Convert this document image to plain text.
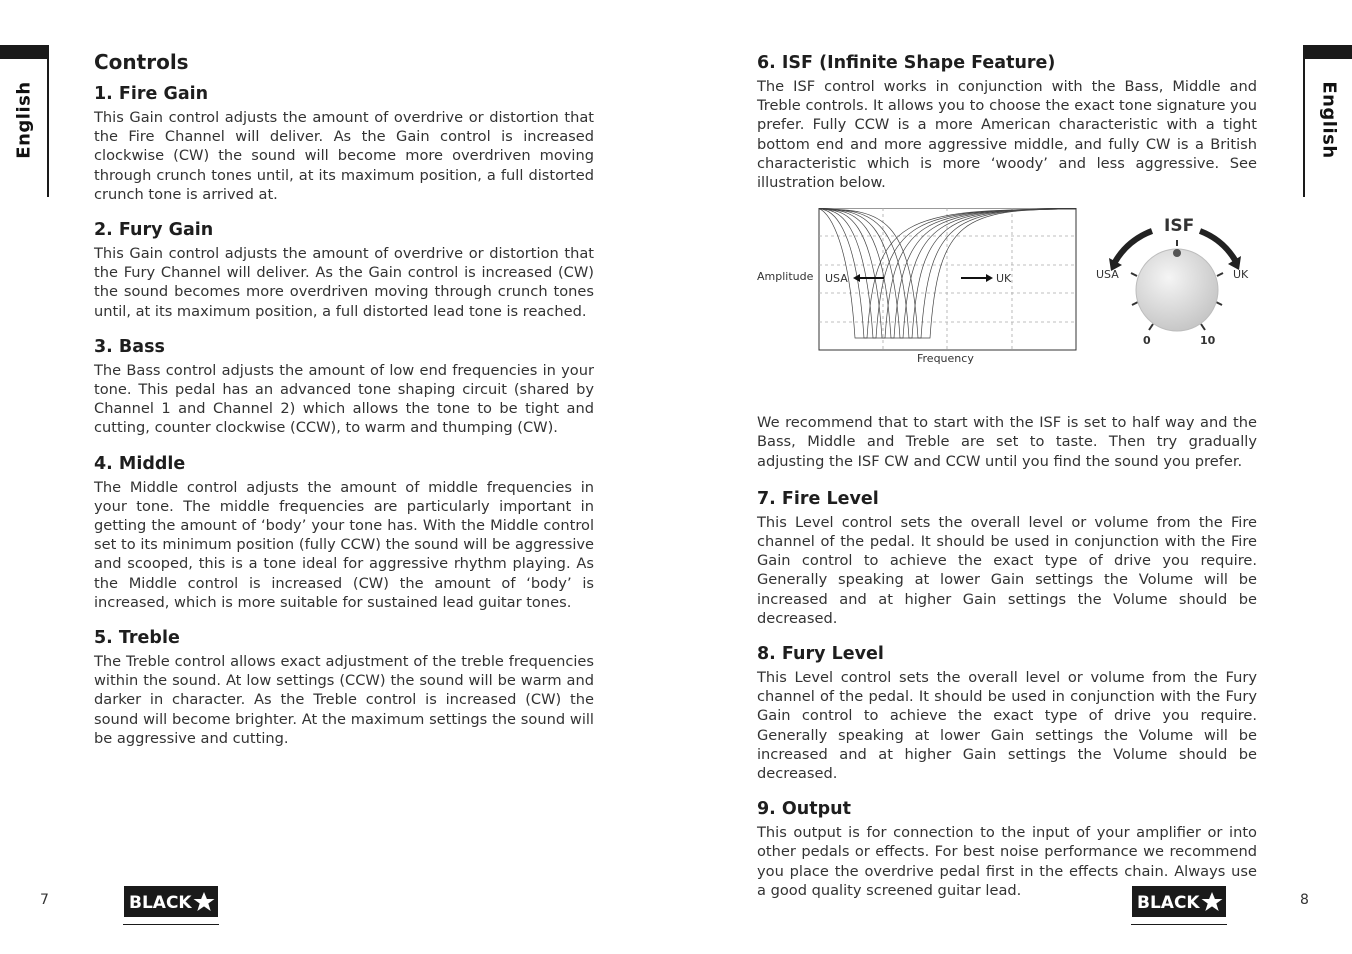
English
Controls
1. Fire Gain

This Gain control adjusts the amount of overdrive or distortion that the Fire Channel will deliver. As the Gain control is increased clockwise (CW) the sound will become more overdriven moving through crunch tones until, at its maximum position, a full distorted crunch tone is arrived at.

2. Fury Gain

This Gain control adjusts the amount of overdrive or distortion that the Fury Channel will deliver. As the Gain control is increased (CW) the sound becomes more overdriven moving through crunch tones until, at its maximum position, a full distorted lead tone is reached.

3. Bass

The Bass control adjusts the amount of low end frequencies in your tone. This pedal has an advanced tone shaping circuit (shared by Channel 1 and Channel 2) which allows the tone to be tight and cutting, counter clockwise (CCW), to warm and thumping (CW).

4. Middle

The Middle control adjusts the amount of middle frequencies in your tone. The middle frequencies are particularly important in getting the amount of ‘body’ your tone has. With the Middle control set to its minimum position (fully CCW) the sound will be aggressive and scooped, this is a tone ideal for aggressive rhythm playing. As the Middle control is increased (CW) the amount of ‘body’ is increased, which is more suitable for sustained lead guitar tones.

5. Treble

The Treble control allows exact adjustment of the treble frequencies within the sound. At low settings (CCW) the sound will be warm and darker in character. As the Treble control is increased (CW) the sound will become brighter. At the maximum settings the sound will be aggressive and cutting.

7	BLACK
English
6. ISF (Infinite Shape Feature)

The ISF control works in conjunction with the Bass, Middle and Treble controls. It allows you to choose the exact tone signature you prefer. Fully CCW is a more American characteristic with a tight bottom end and more aggressive middle, and fully CW is a British characteristic which is more ‘woody’ and less aggressive. See illustration below.

Amplitude USA	UK
Frequency
ISF
USA	UK
0	10

We recommend that to start with the ISF is set to half way and the Bass, Middle and Treble are set to taste. Then try gradually adjusting the ISF CW and CCW until you find the sound you prefer.

7. Fire Level

This Level control sets the overall level or volume from the Fire channel of the pedal. It should be used in conjunction with the Fire Gain control to achieve the exact type of drive you require. Generally speaking at lower Gain settings the Volume will be increased and at higher Gain settings the Volume should be decreased.

8. Fury Level

This Level control sets the overall level or volume from the Fury channel of the pedal. It should be used in conjunction with the Fury Gain control to achieve the exact type of drive you require. Generally speaking at lower Gain settings the Volume will be increased and at higher Gain settings the Volume should be decreased.

9. Output

This output is for connection to the input of your amplifier or into other pedals or effects. For best noise performance we recommend you place the overdrive pedal first in the effects chain. Always use a good quality screened guitar lead.

BLACK	8
